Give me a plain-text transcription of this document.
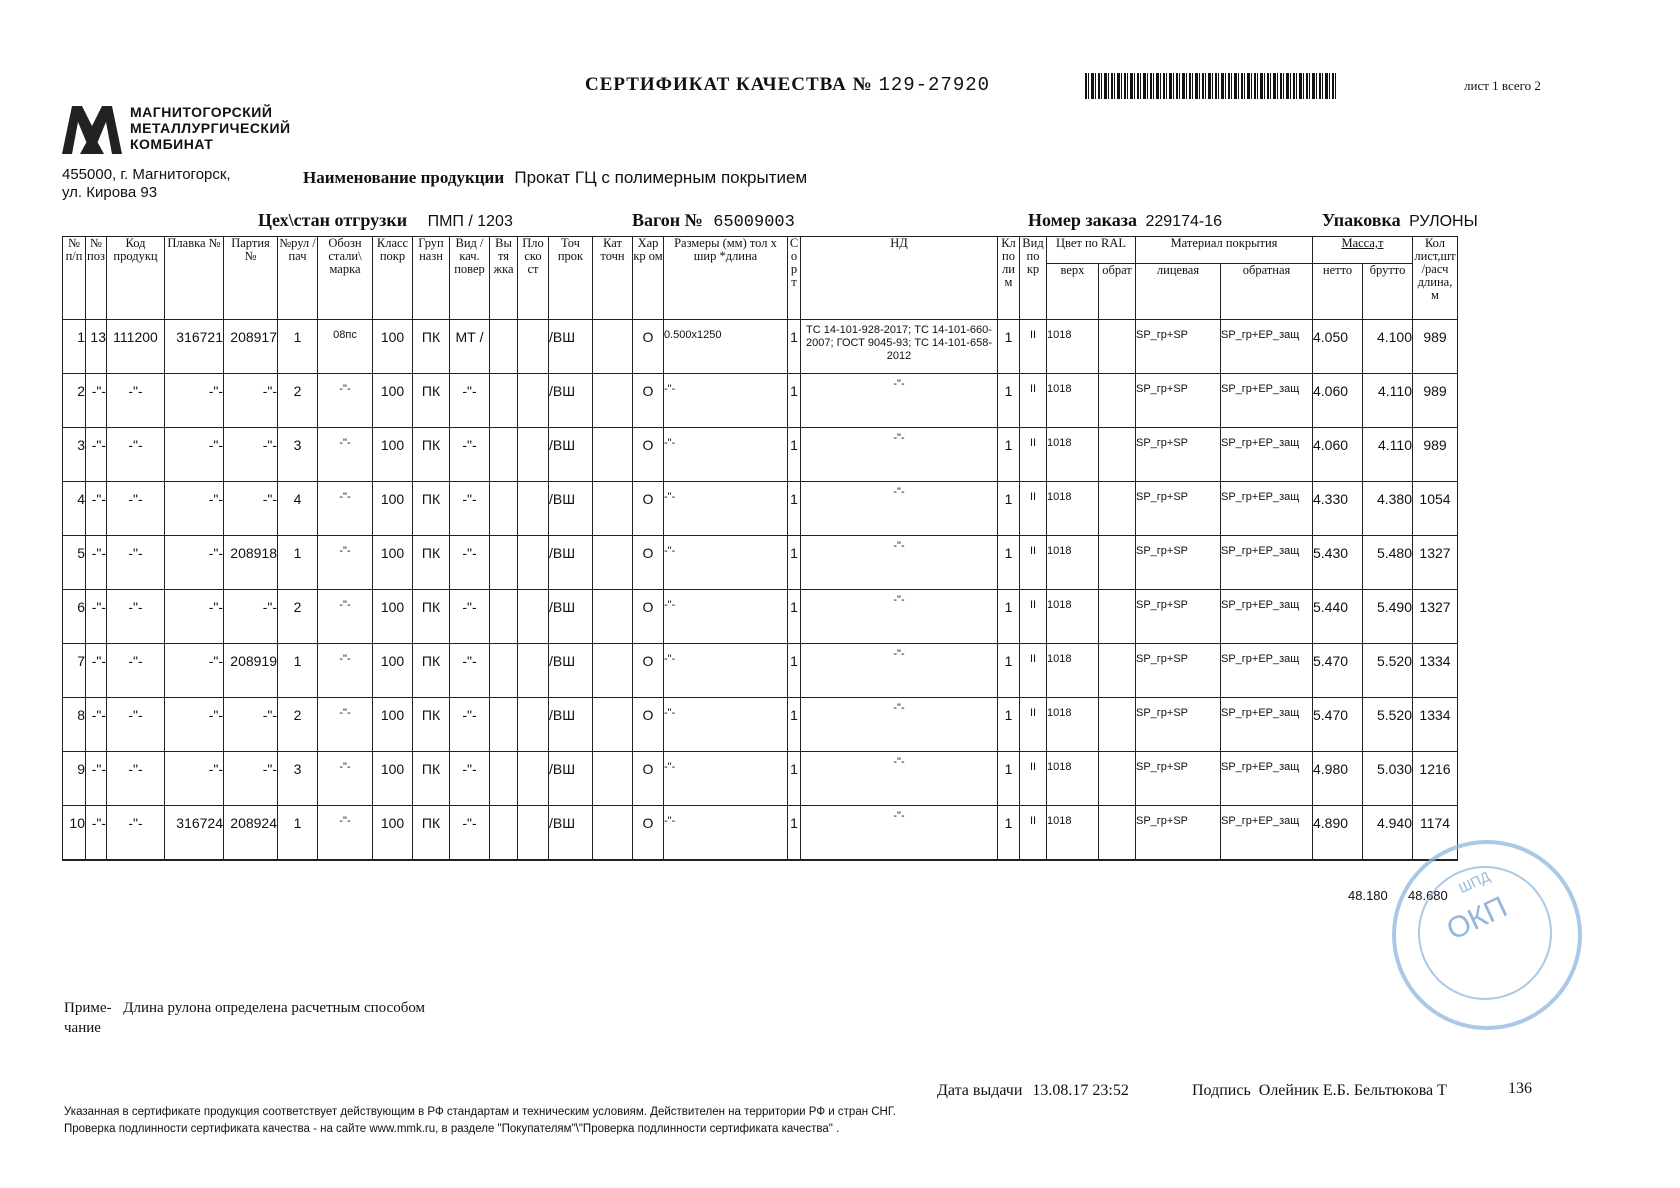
СЕРТИФИКАТ КАЧЕСТВА № 129-27920	лист 1 всего 2
МАГНИТОГОРСКИЙ
МЕТАЛЛУРГИЧЕСКИЙ
КОМБИНАТ
455000, г. Магнитогорск,
ул. Кирова 93
Наименование продукции Прокат ГЦ с полимерным покрытием
Цех\стан отгрузки ПМП / 1203	Вагон № 65009003	Номер заказа 229174-16	Упаковка РУЛОНЫ
№ п/п	№ поз	Код продукц	Плавка №	Партия №	№рул /пач	Обозн стали\ марка	Класс покр	Груп назн	Вид /кач. повер	Вы тя жка	Пло ско ст	Точ прок	Кат точн	Хар кр ом	Размеры (мм) тол х шир *длина	С о р т	НД	Кл по ли м	Вид по кр	Цвет по RAL		Материал покрытия		Масса,т		Кол лист,шт /расч длина, м
																				верх	обрат	лицевая	обратная	нетто	брутто	
1	13	111200	316721	208917	1	08пс	100	ПК	МТ /			/ВШ		О	0.500х1250	1	ТС 14-101-928-2017; ТС 14-101-660-2007; ГОСТ 9045-93; ТС 14-101-658-2012	1	II	1018		SP_гр+SP	SP_гр+EP_защ	4.050	4.100	989
2	-"-	-"-	-"-	-"-	2	-"-	100	ПК	-"-			/ВШ		О	-"-	1	-"-	1	II	1018		SP_гр+SP	SP_гр+EP_защ	4.060	4.110	989
3	-"-	-"-	-"-	-"-	3	-"-	100	ПК	-"-			/ВШ		О	-"-	1	-"-	1	II	1018		SP_гр+SP	SP_гр+EP_защ	4.060	4.110	989
4	-"-	-"-	-"-	-"-	4	-"-	100	ПК	-"-			/ВШ		О	-"-	1	-"-	1	II	1018		SP_гр+SP	SP_гр+EP_защ	4.330	4.380	1054
5	-"-	-"-	-"-	208918	1	-"-	100	ПК	-"-			/ВШ		О	-"-	1	-"-	1	II	1018		SP_гр+SP	SP_гр+EP_защ	5.430	5.480	1327
6	-"-	-"-	-"-	-"-	2	-"-	100	ПК	-"-			/ВШ		О	-"-	1	-"-	1	II	1018		SP_гр+SP	SP_гр+EP_защ	5.440	5.490	1327
7	-"-	-"-	-"-	208919	1	-"-	100	ПК	-"-			/ВШ		О	-"-	1	-"-	1	II	1018		SP_гр+SP	SP_гр+EP_защ	5.470	5.520	1334
8	-"-	-"-	-"-	-"-	2	-"-	100	ПК	-"-			/ВШ		О	-"-	1	-"-	1	II	1018		SP_гр+SP	SP_гр+EP_защ	5.470	5.520	1334
9	-"-	-"-	-"-	-"-	3	-"-	100	ПК	-"-			/ВШ		О	-"-	1	-"-	1	II	1018		SP_гр+SP	SP_гр+EP_защ	4.980	5.030	1216
10	-"-	-"-	316724	208924	1	-"-	100	ПК	-"-			/ВШ		О	-"-	1	-"-	1	II	1018		SP_гр+SP	SP_гр+EP_защ	4.890	4.940	1174
48.180 48.680
Приме- Длина рулона определена расчетным способом
чание
Дата выдачи 13.08.17 23:52	Подпись Олейник Е.Б. Бельтюкова Т	136
Указанная в сертификате продукция соответствует действующим в РФ стандартам и техническим условиям. Действителен на территории РФ и стран СНГ.
Проверка подлинности сертификата качества - на сайте www.mmk.ru, в разделе "Покупателям"\"Проверка подлинности сертификата качества" .
ШПД
ОКП
